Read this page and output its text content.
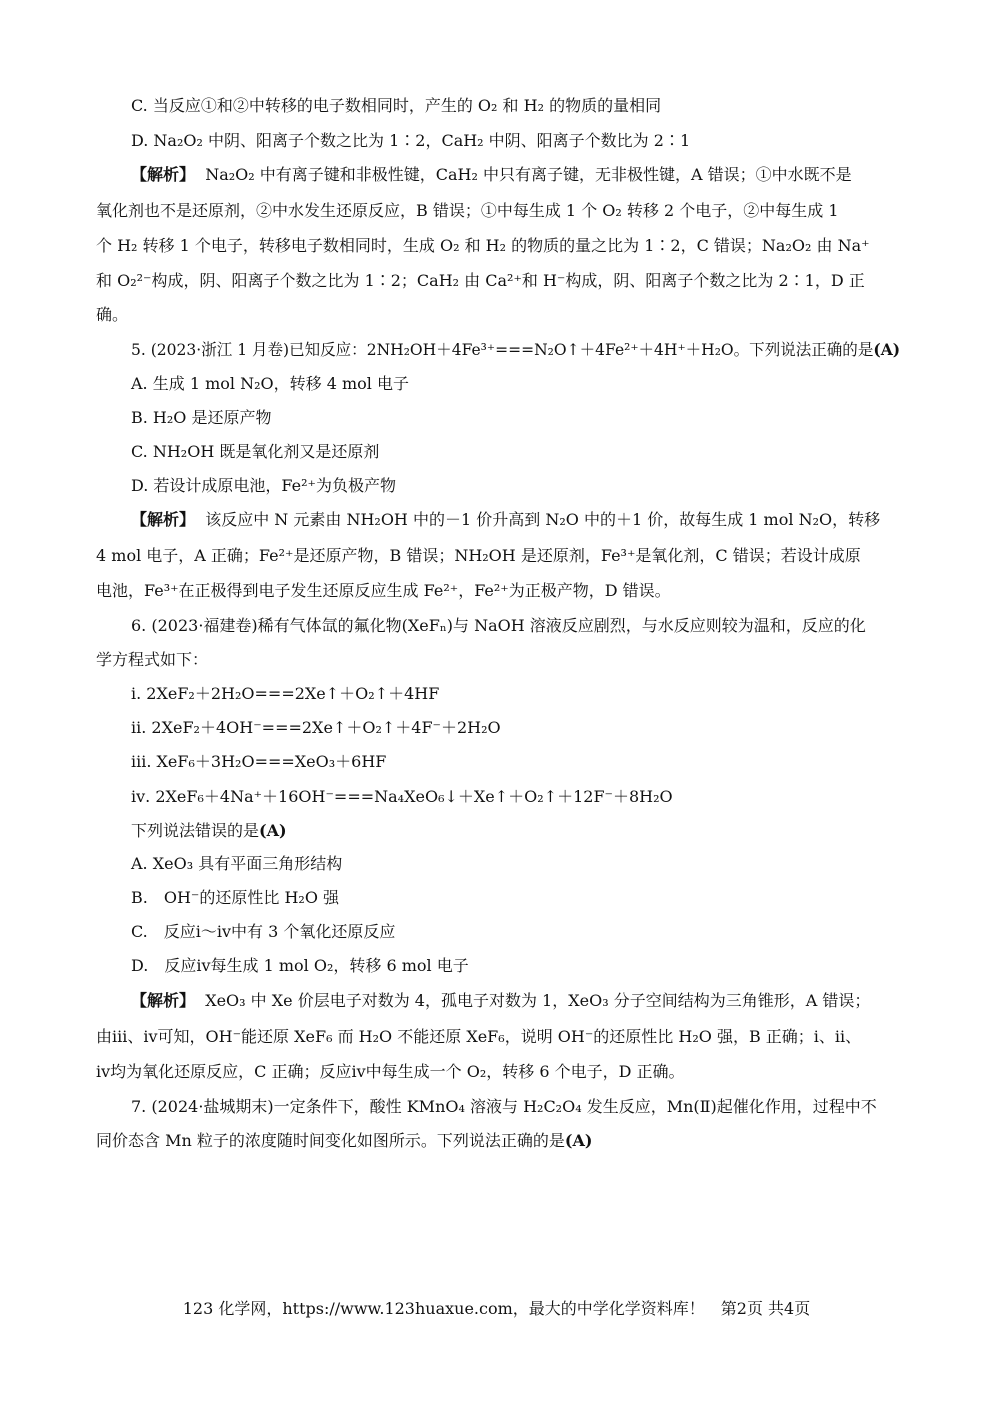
C. 当反应①和②中转移的电子数相同时，产生的 O₂ 和 H₂ 的物质的量相同
D. Na₂O₂ 中阴、阳离子个数之比为 1∶2，CaH₂ 中阴、阳离子个数比为 2∶1
【解析】 Na₂O₂ 中有离子键和非极性键，CaH₂ 中只有离子键，无非极性键，A 错误；①中水既不是
氧化剂也不是还原剂，②中水发生还原反应，B 错误；①中每生成 1 个 O₂ 转移 2 个电子，②中每生成 1
个 H₂ 转移 1 个电子，转移电子数相同时，生成 O₂ 和 H₂ 的物质的量之比为 1∶2，C 错误；Na₂O₂ 由 Na⁺
和 O₂²⁻构成，阴、阳离子个数之比为 1∶2；CaH₂ 由 Ca²⁺和 H⁻构成，阴、阳离子个数之比为 2∶1，D 正
确。
5. (2023·浙江 1 月卷)已知反应：2NH₂OH＋4Fe³⁺===N₂O↑＋4Fe²⁺＋4H⁺＋H₂O。下列说法正确的是(A)
A. 生成 1 mol N₂O，转移 4 mol 电子
B. H₂O 是还原产物
C. NH₂OH 既是氧化剂又是还原剂
D. 若设计成原电池，Fe²⁺为负极产物
【解析】 该反应中 N 元素由 NH₂OH 中的－1 价升高到 N₂O 中的＋1 价，故每生成 1 mol N₂O，转移
4 mol 电子，A 正确；Fe²⁺是还原产物，B 错误；NH₂OH 是还原剂，Fe³⁺是氧化剂，C 错误；若设计成原
电池，Fe³⁺在正极得到电子发生还原反应生成 Fe²⁺，Fe²⁺为正极产物，D 错误。
6. (2023·福建卷)稀有气体氙的氟化物(XeFₙ)与 NaOH 溶液反应剧烈，与水反应则较为温和，反应的化
学方程式如下：
ⅰ. 2XeF₂＋2H₂O===2Xe↑＋O₂↑＋4HF
ⅱ. 2XeF₂＋4OH⁻===2Xe↑＋O₂↑＋4F⁻＋2H₂O
ⅲ. XeF₆＋3H₂O===XeO₃＋6HF
ⅳ. 2XeF₆＋4Na⁺＋16OH⁻===Na₄XeO₆↓＋Xe↑＋O₂↑＋12F⁻＋8H₂O
下列说法错误的是(A)
A. XeO₃ 具有平面三角形结构
B.　OH⁻的还原性比 H₂O 强
C.　反应ⅰ～ⅳ中有 3 个氧化还原反应
D.　反应ⅳ每生成 1 mol O₂，转移 6 mol 电子
【解析】 XeO₃ 中 Xe 价层电子对数为 4，孤电子对数为 1，XeO₃ 分子空间结构为三角锥形，A 错误；
由ⅲ、ⅳ可知，OH⁻能还原 XeF₆ 而 H₂O 不能还原 XeF₆，说明 OH⁻的还原性比 H₂O 强，B 正确；ⅰ、ⅱ、
ⅳ均为氧化还原反应，C 正确；反应ⅳ中每生成一个 O₂，转移 6 个电子，D 正确。
7. (2024·盐城期末)一定条件下，酸性 KMnO₄ 溶液与 H₂C₂O₄ 发生反应，Mn(Ⅱ)起催化作用，过程中不
同价态含 Mn 粒子的浓度随时间变化如图所示。下列说法正确的是(A)
123 化学网，https://www.123huaxue.com，最大的中学化学资料库！　第2页 共4页
